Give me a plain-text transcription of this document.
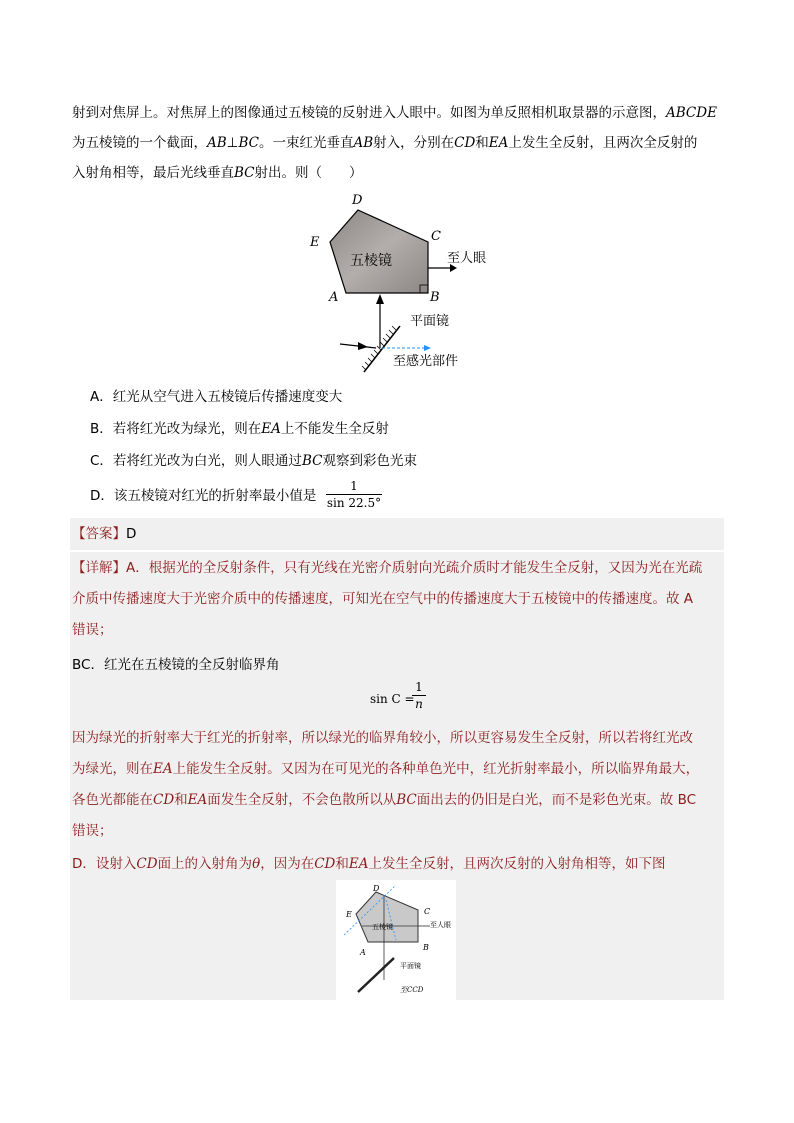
射到对焦屏上。对焦屏上的图像通过五棱镜的反射进入人眼中。如图为单反照相机取景器的示意图，ABCDE
为五棱镜的一个截面，AB⊥BC。一束红光垂直AB射入，分别在CD和EA上发生全反射，且两次全反射的
入射角相等，最后光线垂直BC射出。则（　　）
D
E	C
A	B
五棱镜	至人眼
平面镜
至感光部件
A．红光从空气进入五棱镜后传播速度变大
B．若将红光改为绿光，则在EA上不能发生全反射
C．若将红光改为白光，则人眼通过BC观察到彩色光束
D．该五棱镜对红光的折射率最小值是
1
sin 22.5°
【答案】D
【详解】A．根据光的全反射条件，只有光线在光密介质射向光疏介质时才能发生全反射，又因为光在光疏
介质中传播速度大于光密介质中的传播速度，可知光在空气中的传播速度大于五棱镜中的传播速度。故 A
错误；
BC．红光在五棱镜的全反射临界角
sin C =
1
n
因为绿光的折射率大于红光的折射率，所以绿光的临界角较小，所以更容易发生全反射，所以若将红光改
为绿光，则在EA上能发生全反射。又因为在可见光的各种单色光中，红光折射率最小，所以临界角最大，
各色光都能在CD和EA面发生全反射，不会色散所以从BC面出去的仍旧是白光，而不是彩色光束。故 BC
错误；
D．设射入CD面上的入射角为θ，因为在CD和EA上发生全反射，且两次反射的入射角相等，如下图
D
E	C
A
B
五棱镜	至人眼
平面镜
至CCD
